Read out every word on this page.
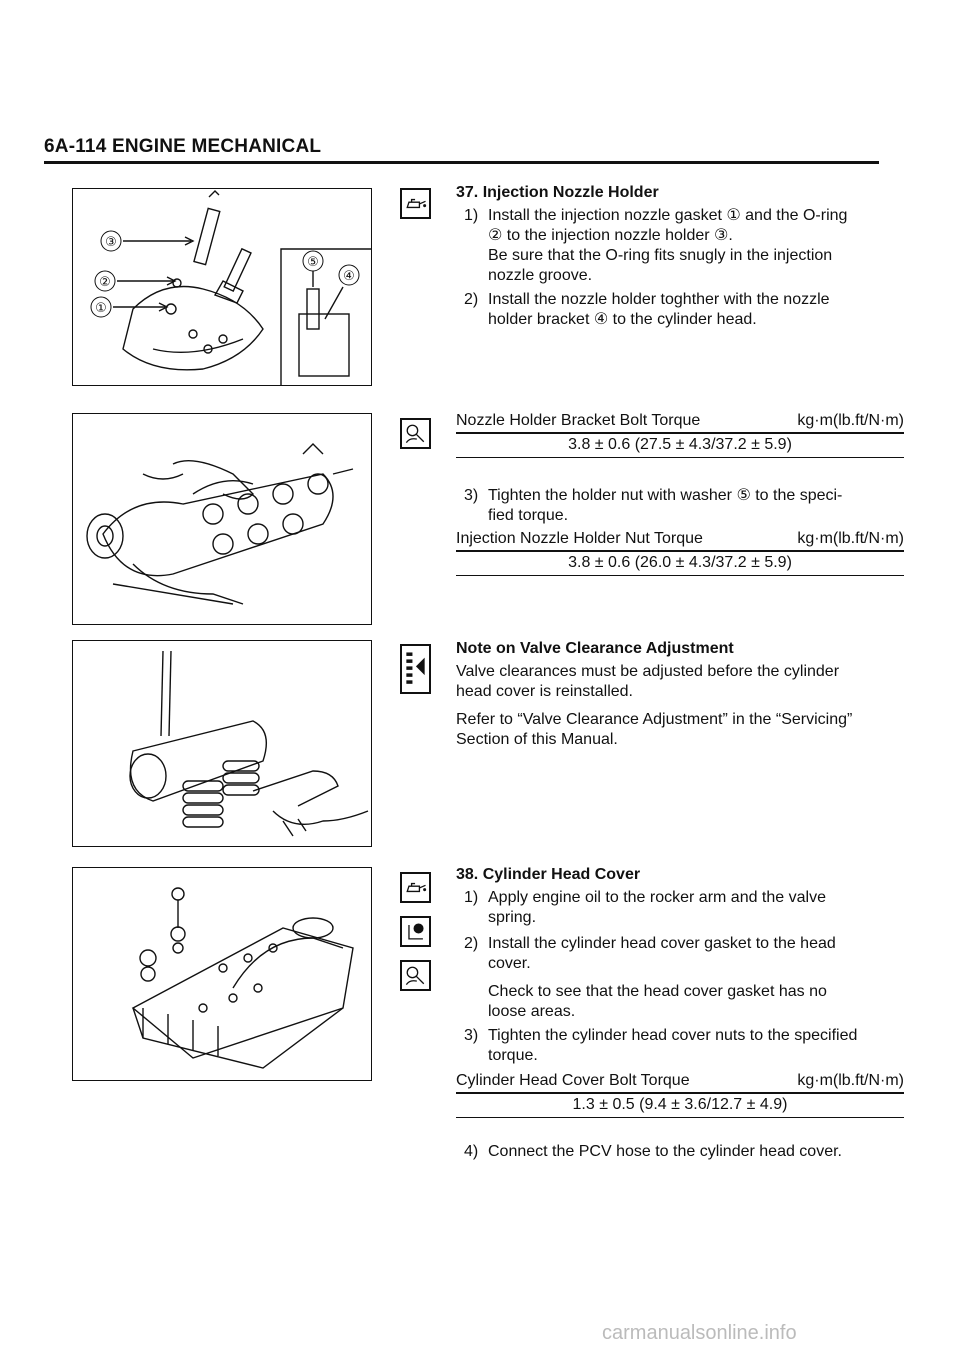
6A-114 ENGINE MECHANICAL
③
②
①
⑤
④
37. Injection Nozzle Holder
1) Install the injection nozzle gasket ① and the O-ring
② to the injection nozzle holder ③.
Be sure that the O-ring fits snugly in the injection
nozzle groove.
2) Install the nozzle holder toghther with the nozzle
holder bracket ④ to the cylinder head.
Nozzle Holder Bracket Bolt Torque	kg·m(lb.ft/N·m)
3.8 ± 0.6 (27.5 ± 4.3/37.2 ± 5.9)
3) Tighten the holder nut with washer ⑤ to the speci-
fied torque.
Injection Nozzle Holder Nut Torque	kg·m(lb.ft/N·m)
3.8 ± 0.6 (26.0 ± 4.3/37.2 ± 5.9)
Note on Valve Clearance Adjustment
Valve clearances must be adjusted before the cylinder
head cover is reinstalled.
Refer to “Valve Clearance Adjustment” in the “Servicing”
Section of this Manual.
38. Cylinder Head Cover
1) Apply engine oil to the rocker arm and the valve
spring.
2) Install the cylinder head cover gasket to the head
cover.
Check to see that the head cover gasket has no
loose areas.
3) Tighten the cylinder head cover nuts to the specified
torque.
Cylinder Head Cover Bolt Torque	kg·m(lb.ft/N·m)
1.3 ± 0.5 (9.4 ± 3.6/12.7 ± 4.9)
4) Connect the PCV hose to the cylinder head cover.
carmanualsonline.info
